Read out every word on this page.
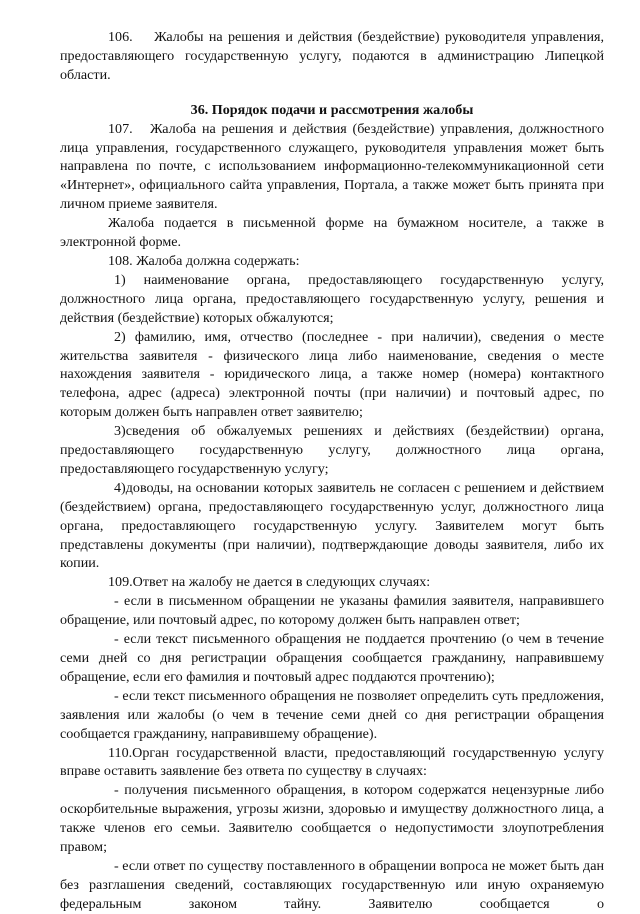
106.    Жалобы на решения и действия (бездействие) руководителя управления, предоставляющего государственную услугу, подаются в администрацию Липецкой области.

36. Порядок подачи и рассмотрения жалобы

107.   Жалоба на решения и действия (бездействие) управления, должностного лица управления, государственного служащего, руководителя управления может быть направлена по почте, с использованием информационно-телекоммуникационной сети «Интернет», официального сайта управления, Портала, а также может быть принята при личном приеме заявителя.

Жалоба подается в письменной форме на бумажном носителе, а также в электронной форме.

108. Жалоба должна содержать:

1) наименование органа, предоставляющего государственную услугу, должностного лица органа, предоставляющего государственную услугу, решения и действия (бездействие) которых обжалуются;

2) фамилию, имя, отчество (последнее - при наличии), сведения о месте жительства заявителя - физического лица либо наименование, сведения о месте нахождения заявителя - юридического лица, а также номер (номера) контактного телефона, адрес (адреса) электронной почты (при наличии) и почтовый адрес, по которым должен быть направлен ответ заявителю;

3)сведения об обжалуемых решениях и действиях (бездействии) органа, предоставляющего государственную услугу, должностного лица органа, предоставляющего государственную услугу;

4)доводы, на основании которых заявитель не согласен с решением и действием (бездействием) органа, предоставляющего государственную услуг, должностного лица органа, предоставляющего государственную услугу. Заявителем могут быть представлены документы (при наличии), подтверждающие доводы заявителя, либо их копии.

109.Ответ на жалобу не дается в следующих случаях:

- если в письменном обращении не указаны фамилия заявителя, направившего обращение, или почтовый адрес, по которому должен быть направлен ответ;

- если текст письменного обращения не поддается прочтению (о чем в течение семи дней со дня регистрации обращения сообщается гражданину, направившему обращение, если его фамилия и почтовый адрес поддаются прочтению);

- если текст письменного обращения не позволяет определить суть предложения, заявления или жалобы (о чем в течение семи дней со дня регистрации обращения сообщается гражданину, направившему обращение).

110.Орган государственной власти, предоставляющий государственную услугу вправе оставить заявление без ответа по существу в случаях:

- получения письменного обращения, в котором содержатся нецензурные либо оскорбительные выражения, угрозы жизни, здоровью и имуществу должностного лица, а также членов его семьи. Заявителю сообщается о недопустимости злоупотребления правом;

- если ответ по существу поставленного в обращении вопроса не может быть дан без разглашения сведений, составляющих государственную или иную охраняемую федеральным законом тайну. Заявителю сообщается о
